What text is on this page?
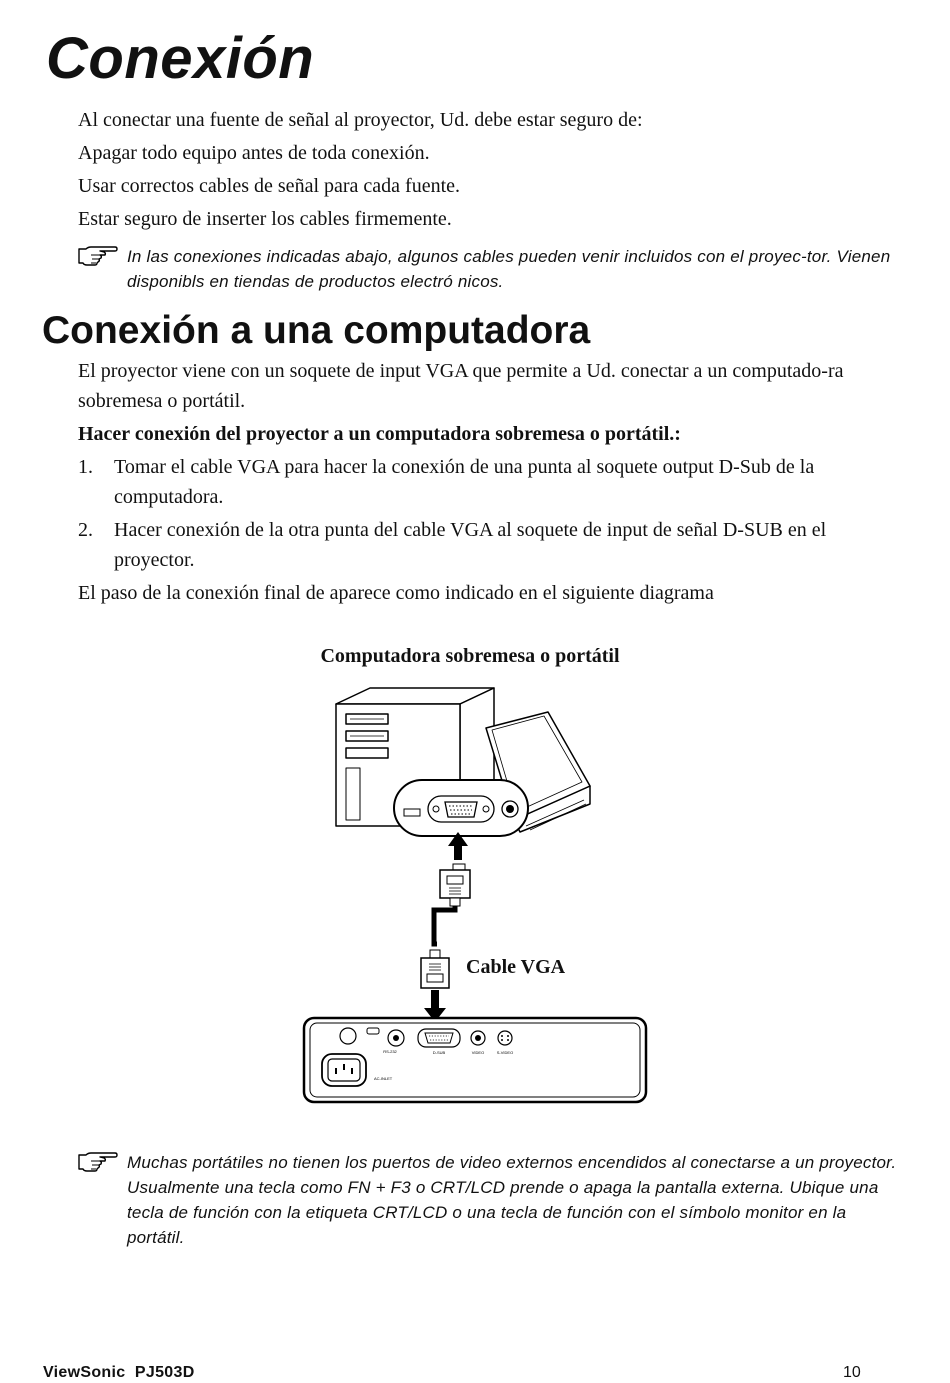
Conexión

Al conectar una fuente de señal al proyector, Ud. debe estar seguro de:

Apagar todo equipo antes de toda conexión.

Usar correctos cables de señal para cada fuente.

Estar seguro de inserter los cables firmemente.

In las conexiones indicadas abajo, algunos cables pueden venir incluidos con el proyec-tor. Vienen disponibls en tiendas de productos electró nicos.
Conexión a una computadora

El proyector viene con un soquete de input VGA que permite a Ud. conectar a un computado-ra sobremesa o portátil.

Hacer conexión del proyector a un computadora sobremesa o portátil.:

1. Tomar el cable VGA para hacer la conexión de una punta al soquete output D-Sub de la computadora.
2. Hacer conexión de la otra punta del cable VGA al soquete de input de señal D-SUB en el proyector.

El paso de la conexión final de aparece como indicado en el siguiente diagrama

Computadora sobremesa o portátil
RS-232	D-SUB	VIDEO	S-VIDEO
AC-INLET
Cable VGA
Muchas portátiles no tienen los puertos de video externos encendidos al conectarse a un proyector. Usualmente una tecla como FN + F3 o CRT/LCD prende o apaga la pantalla externa. Ubique una tecla de función con la etiqueta CRT/LCD o una tecla de función con el símbolo monitor en la portátil.
ViewSonic  PJ503D	10
